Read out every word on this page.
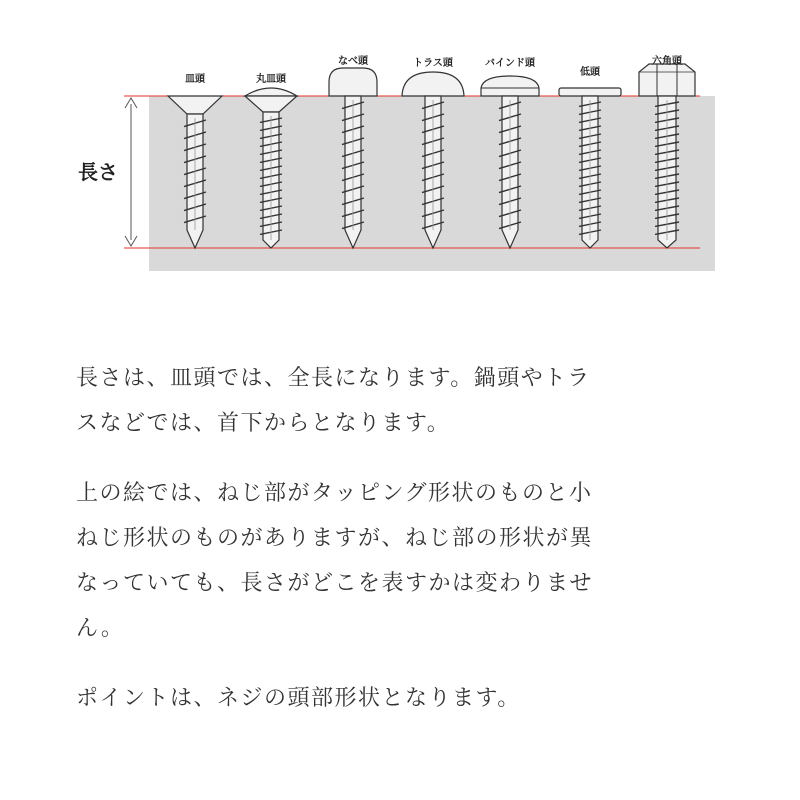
長さ
皿頭	丸皿頭
なべ頭	トラス頭	バインド頭
低頭
六角頭

長さは、皿頭では、全長になります。鍋頭やトラ
スなどでは、首下からとなります。

上の絵では、ねじ部がタッピング形状のものと小
ねじ形状のものがありますが、ねじ部の形状が異
なっていても、長さがどこを表すかは変わりませ
ん。

ポイントは、ネジの頭部形状となります。
